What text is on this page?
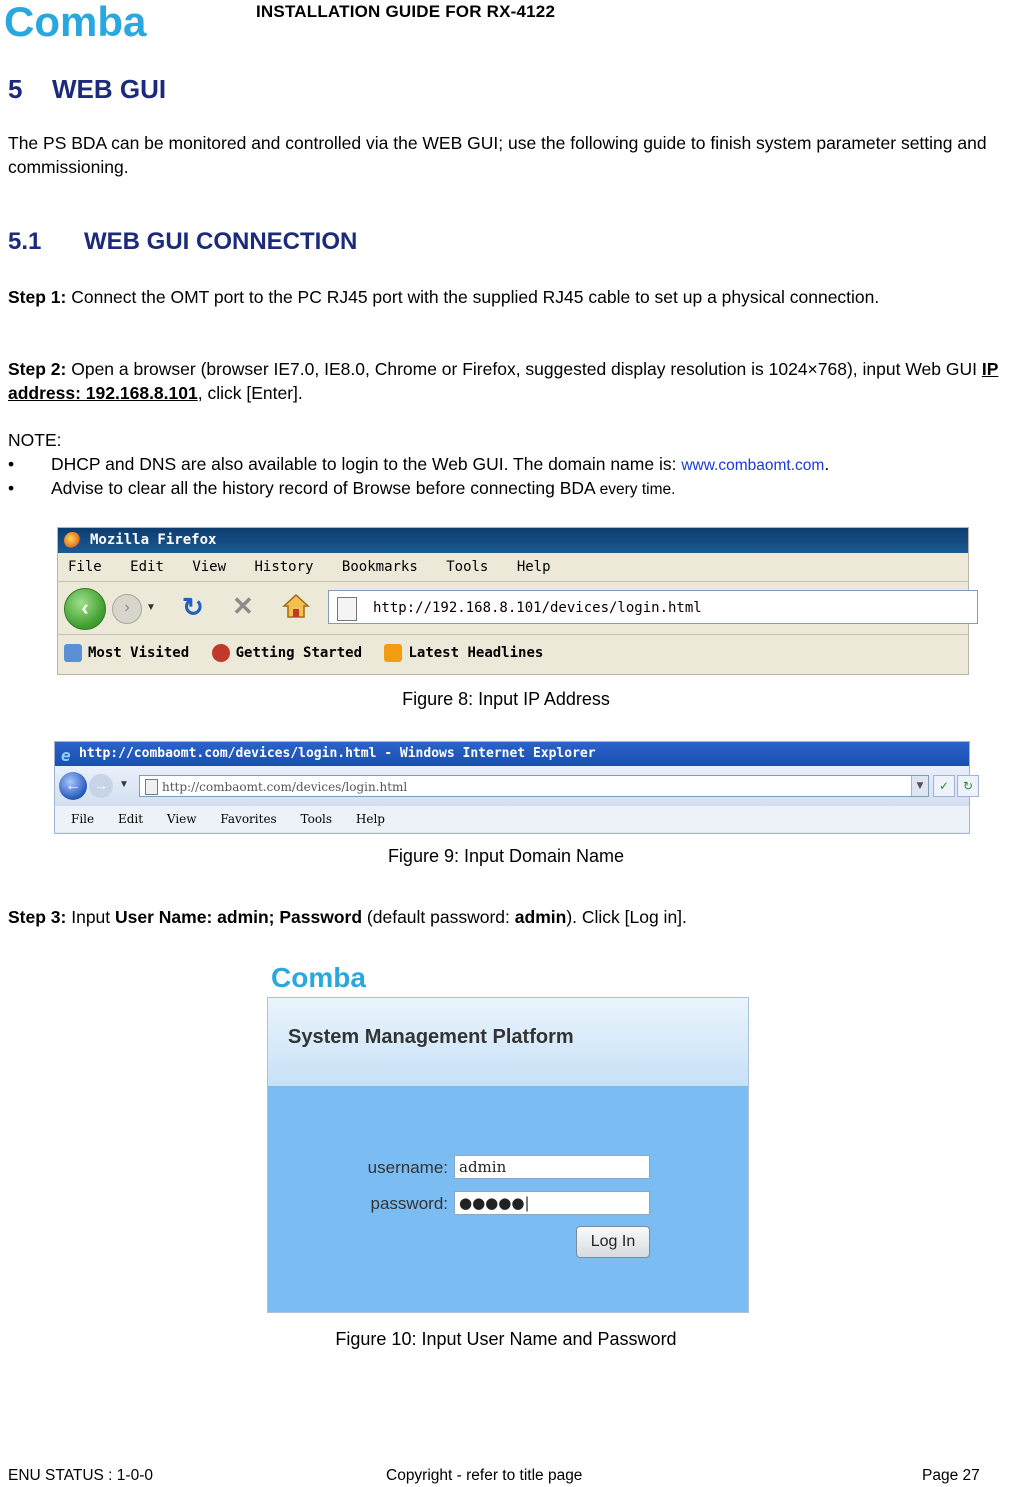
Comba	INSTALLATION GUIDE FOR RX-4122
5 WEB GUI
The PS BDA can be monitored and controlled via the WEB GUI; use the following guide to finish system parameter setting and commissioning.
5.1 WEB GUI CONNECTION
Step 1: Connect the OMT port to the PC RJ45 port with the supplied RJ45 cable to set up a physical connection.
Step 2: Open a browser (browser IE7.0, IE8.0, Chrome or Firefox, suggested display resolution is 1024×768), input Web GUI IP address: 192.168.8.101, click [Enter].
NOTE:
• DHCP and DNS are also available to login to the Web GUI. The domain name is: www.combaomt.com.
• Advise to clear all the history record of Browse before connecting BDA every time.
Mozilla Firefox
File Edit View History Bookmarks Tools Help
‹	›	▼ ↻ ✕	http://192.168.8.101/devices/login.html
Most Visited
	Getting Started
	Latest Headlines
Figure 8: Input IP Address
e http://combaomt.com/devices/login.html - Windows Internet Explorer
← →	▼	http://combaomt.com/devices/login.html	▼	✓	↻
File Edit View Favorites Tools Help
Figure 9: Input Domain Name
Step 3: Input User Name: admin; Password (default password: admin). Click [Log in].
Comba
System Management Platform
username: admin
password: ●●●●●|
Log In
Figure 10: Input User Name and Password
ENU STATUS : 1-0-0	Copyright - refer to title page	Page 27
